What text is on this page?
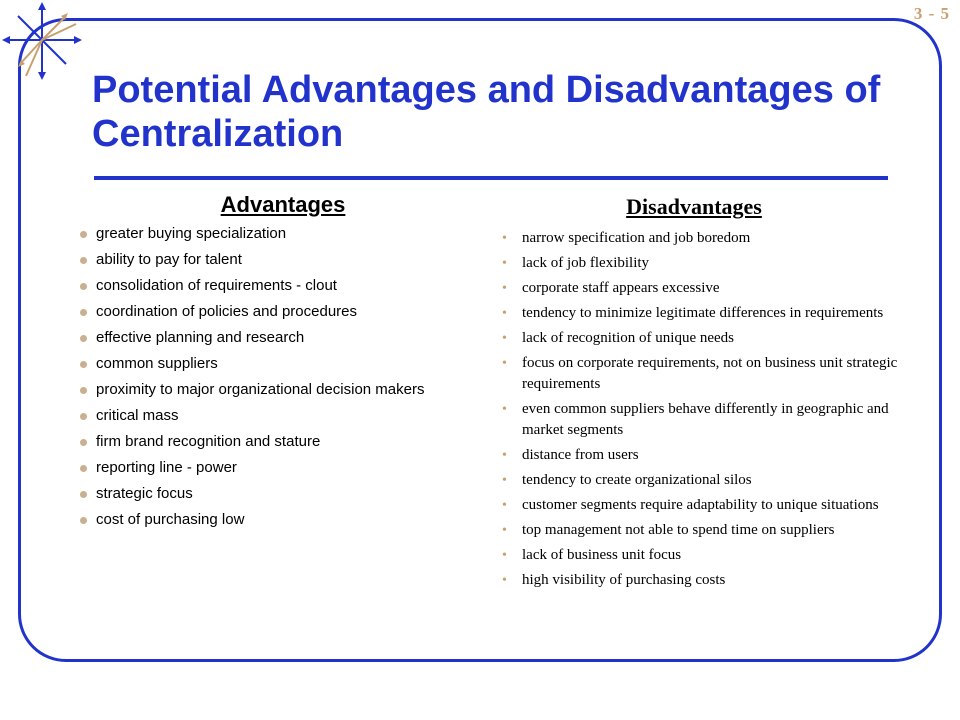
3 - 5
Potential Advantages and Disadvantages of Centralization
Advantages
greater buying specialization
ability to pay for talent
consolidation of requirements - clout
coordination of policies and procedures
effective planning and research
common suppliers
proximity to major organizational decision makers
critical mass
firm brand recognition and stature
reporting line - power
strategic focus
cost of purchasing low
Disadvantages
• narrow specification and job boredom
• lack of job flexibility
• corporate staff appears excessive
• tendency to minimize legitimate differences in requirements
• lack of recognition of unique needs
• focus on corporate requirements, not on business unit strategic requirements
• even common suppliers behave differently in geographic and market segments
• distance from users
• tendency to create organizational silos
• customer segments require adaptability to unique situations
• top management not able to spend time on suppliers
• lack of business unit focus
• high visibility of purchasing costs
